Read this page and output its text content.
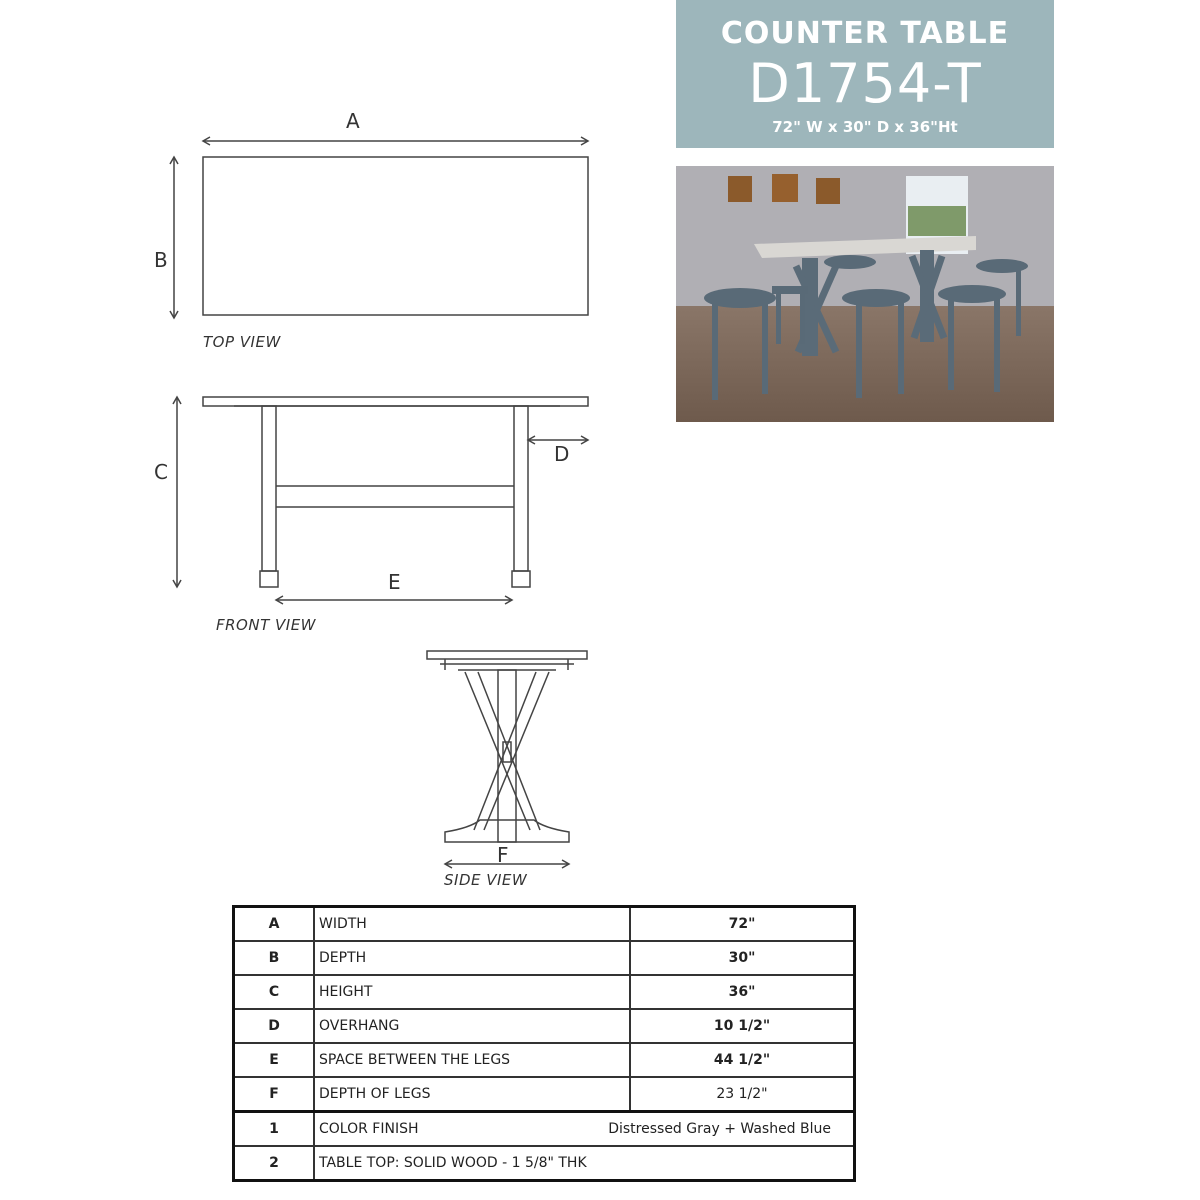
COUNTER TABLE
D1754-T
72" W x 30" D x 36"Ht
A
B
C
D
E
F
TOP VIEW
FRONT VIEW
SIDE VIEW
A	WIDTH	72"
B	DEPTH	30"
C	HEIGHT	36"
D	OVERHANG	10 1/2"
E	SPACE BETWEEN THE LEGS	44 1/2"
F	DEPTH OF LEGS	23 1/2"
1	COLOR FINISH Distressed Gray + Washed Blue	

2	TABLE TOP: SOLID WOOD - 1 5/8" THK	
